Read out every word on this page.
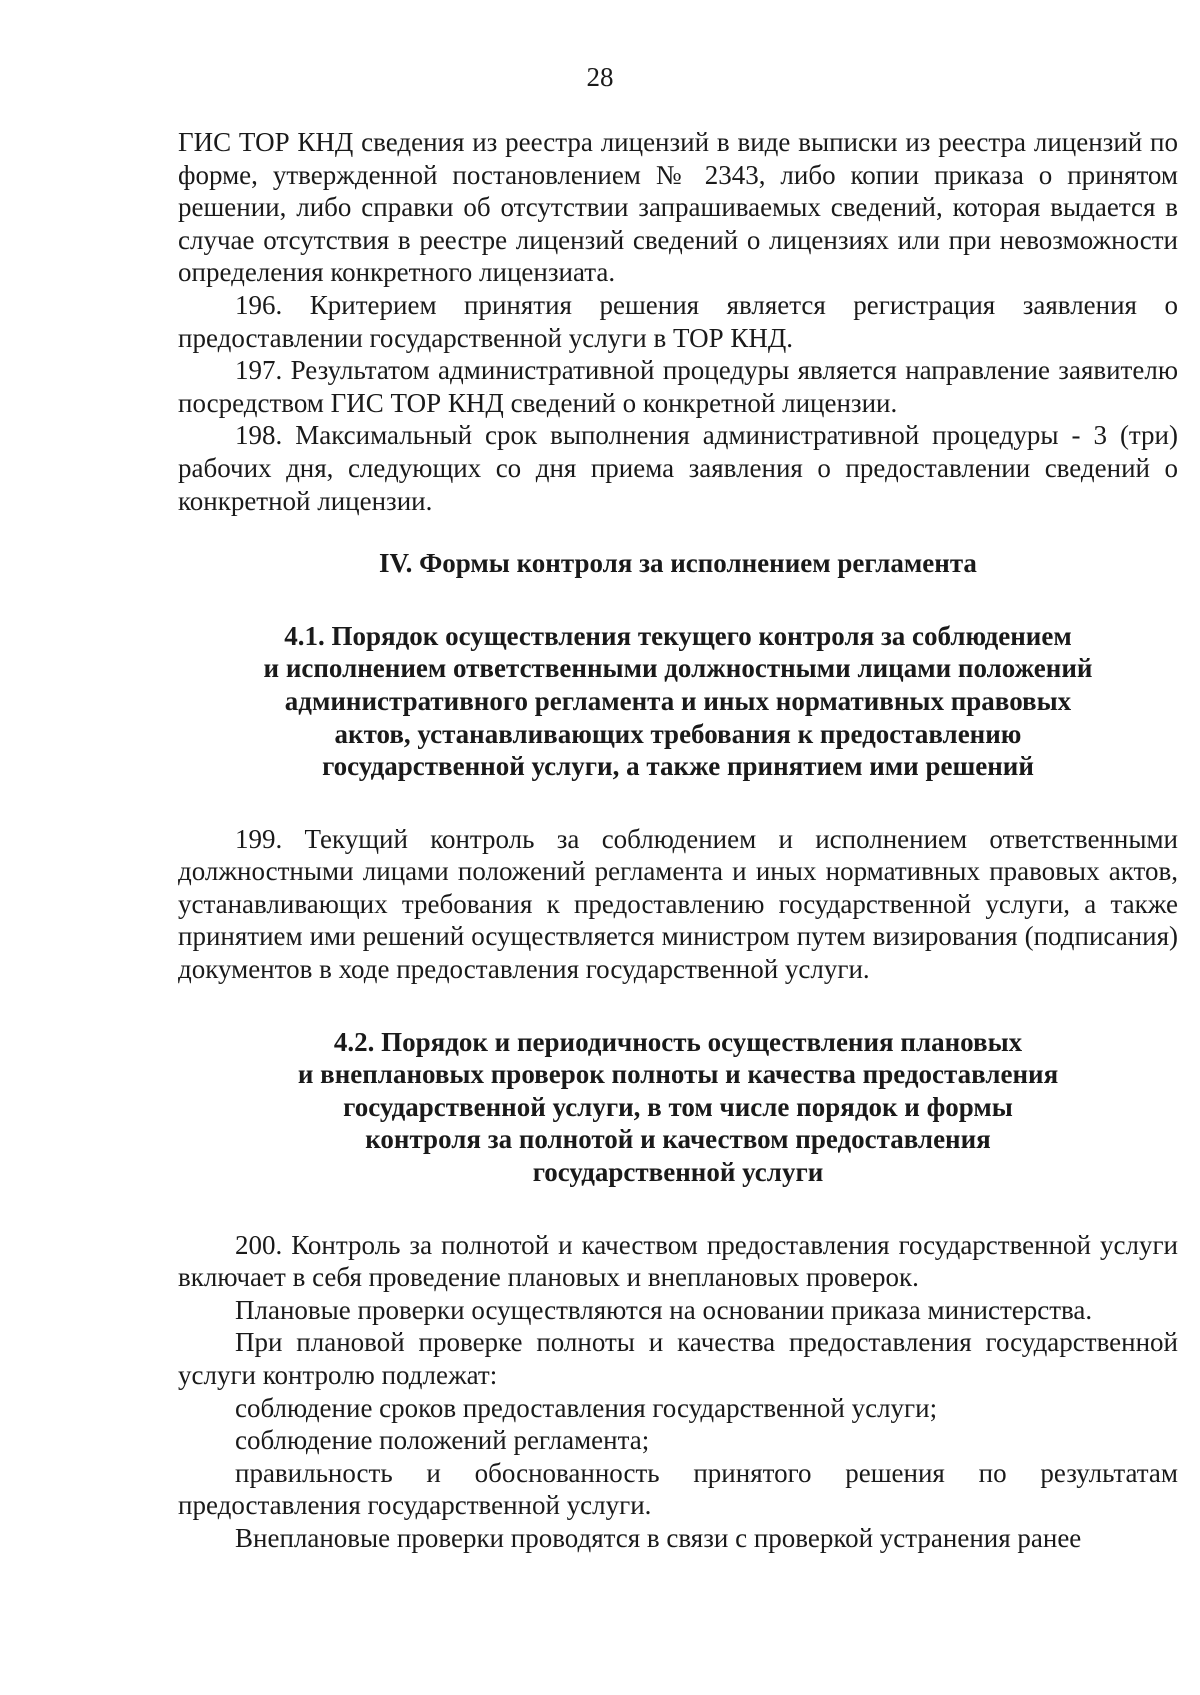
28

ГИС ТОР КНД сведения из реестра лицензий в виде выписки из реестра лицензий по форме, утвержденной постановлением № 2343, либо копии приказа о принятом решении, либо справки об отсутствии запрашиваемых сведений, которая выдается в случае отсутствия в реестре лицензий сведений о лицензиях или при невозможности определения конкретного лицензиата.

196. Критерием принятия решения является регистрация заявления о предоставлении государственной услуги в ТОР КНД.

197. Результатом административной процедуры является направление заявителю посредством ГИС ТОР КНД сведений о конкретной лицензии.

198. Максимальный срок выполнения административной процедуры - 3 (три) рабочих дня, следующих со дня приема заявления о предоставлении сведений о конкретной лицензии.

IV. Формы контроля за исполнением регламента
4.1. Порядок осуществления текущего контроля за соблюдением
и исполнением ответственными должностными лицами положений
административного регламента и иных нормативных правовых
актов, устанавливающих требования к предоставлению
государственной услуги, а также принятием ими решений

199. Текущий контроль за соблюдением и исполнением ответственными должностными лицами положений регламента и иных нормативных правовых актов, устанавливающих требования к предоставлению государственной услуги, а также принятием ими решений осуществляется министром путем визирования (подписания) документов в ходе предоставления государственной услуги.

4.2. Порядок и периодичность осуществления плановых
и внеплановых проверок полноты и качества предоставления
государственной услуги, в том числе порядок и формы
контроля за полнотой и качеством предоставления
государственной услуги

200. Контроль за полнотой и качеством предоставления государственной услуги включает в себя проведение плановых и внеплановых проверок.

Плановые проверки осуществляются на основании приказа министерства.

При плановой проверке полноты и качества предоставления государственной услуги контролю подлежат:

соблюдение сроков предоставления государственной услуги;

соблюдение положений регламента;

правильность и обоснованность принятого решения по результатам предоставления государственной услуги.

Внеплановые проверки проводятся в связи с проверкой устранения ранее
